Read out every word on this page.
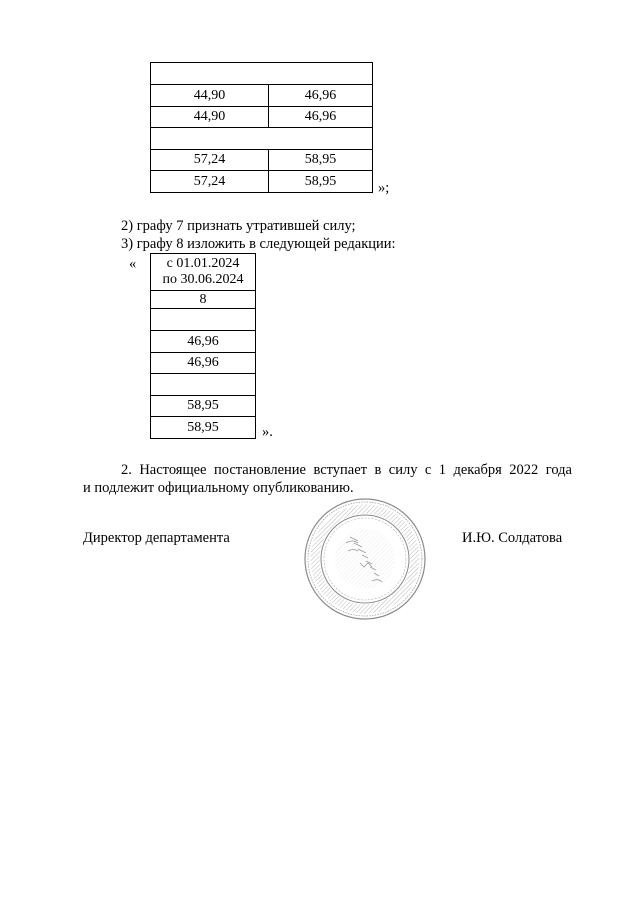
44,90	46,96
44,90	46,96

57,24	58,95
57,24	58,95	»;
2) графу 7 признать утратившей силу;
3) графу 8 изложить в следующей редакции:
«	с 01.01.2024
по 30.06.2024

8

46,96
46,96

58,95
58,95	».
2. Настоящее постановление вступает в силу с 1 декабря 2022 года
и подлежит официальному опубликованию.
Директор департамента	И.Ю. Солдатова
